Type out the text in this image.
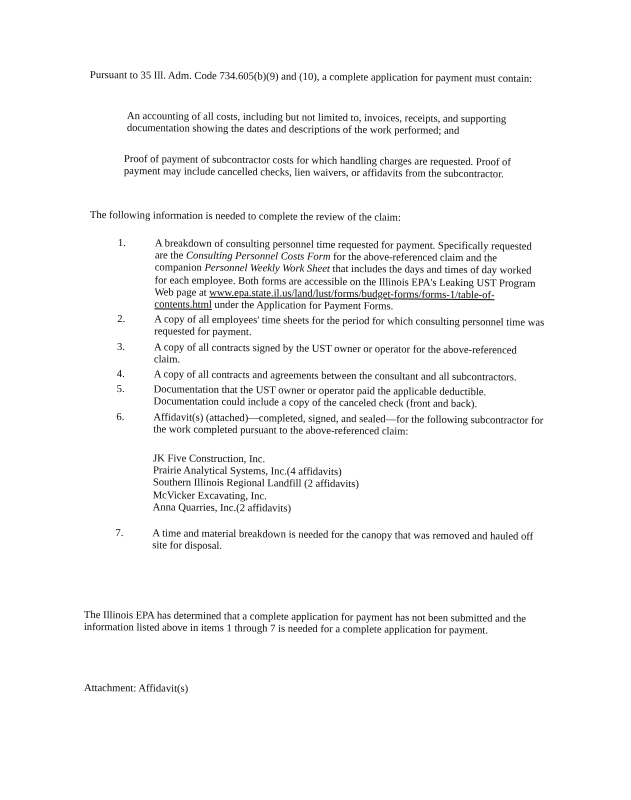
Pursuant to 35 Ill. Adm. Code 734.605(b)(9) and (10), a complete application for payment must contain:

An accounting of all costs, including but not limited to, invoices, receipts, and supporting documentation showing the dates and descriptions of the work performed; and

Proof of payment of subcontractor costs for which handling charges are requested. Proof of payment may include cancelled checks, lien waivers, or affidavits from the subcontractor.

The following information is needed to complete the review of the claim:

1.	A breakdown of consulting personnel time requested for payment. Specifically requested are the Consulting Personnel Costs Form for the above-referenced claim and the companion Personnel Weekly Work Sheet that includes the days and times of day worked for each employee. Both forms are accessible on the Illinois EPA's Leaking UST Program Web page at www.epa.state.il.us/land/lust/forms/budget-forms/forms-1/table-of-contents.html under the Application for Payment Forms.
2.	A copy of all employees' time sheets for the period for which consulting personnel time was requested for payment.
3.	A copy of all contracts signed by the UST owner or operator for the above-referenced claim.
4.	A copy of all contracts and agreements between the consultant and all subcontractors.
5.	Documentation that the UST owner or operator paid the applicable deductible. Documentation could include a copy of the canceled check (front and back).
6.	Affidavit(s) (attached)—completed, signed, and sealed—for the following subcontractor for the work completed pursuant to the above-referenced claim:
JK Five Construction, Inc.
Prairie Analytical Systems, Inc.(4 affidavits)
Southern Illinois Regional Landfill (2 affidavits)
McVicker Excavating, Inc.
Anna Quarries, Inc.(2 affidavits)
7.	A time and material breakdown is needed for the canopy that was removed and hauled off site for disposal.

The Illinois EPA has determined that a complete application for payment has not been submitted and the information listed above in items 1 through 7 is needed for a complete application for payment.

Attachment: Affidavit(s)
